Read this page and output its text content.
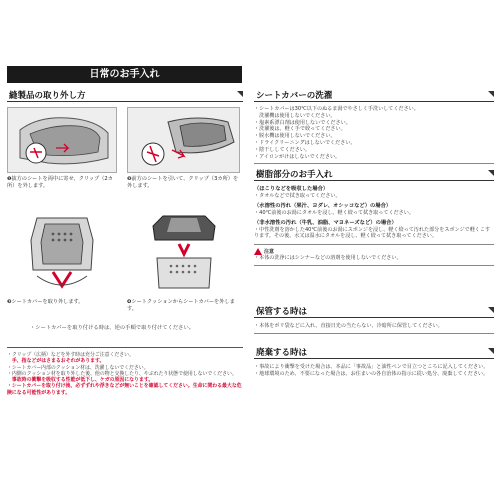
日常のお手入れ
縫製品の取り外し方
❶抜方のシートを両中に寄せ、クリップ（2カ所）を外します。
❷前方のシートを引いて、クリップ（3カ所）を外します。
❸シートカバーを取り外します。	❹シートクッションからシートカバーを外します。
・シートカバーを取り付ける時は、逆の手順で取り付けてください。
・クリップ（広柄）などを外す時は充分ご注意ください。
　手、指などがはさまるおそれがあります。
・シートカバー内部のクッション材は、洗濯しないでください。
・内側のクッション材を取り外した後、他の物と交換したり、やぶれたり状態で使用しないでください。
　事故時の衝撃を吸収する性能が低下し、ケガの原因になります。
・シートカバーを取り付け後、必ずずれや浮きなどが無いことを確認してください。生命に関わる最大な危険になる可能性があります。
シートカバーの洗濯
・シートカバーは30℃以下のぬるま湯でやさしく手洗いしてください。
　洗濯機は使用しないでください。
・塩素系漂白剤は使用しないでください。
・洗濯後は、軽く手で絞ってください。
・脱水機は使用しないでください。
・ドライクリーニングはしないでください。
・陰干ししてください。
・アイロンがけはしないでください。
樹脂部分のお手入れ
（ほこりなどを吸収した場合）
・タオルなどで拭き取ってください。
（水溶性の汚れ（果汁、ヨダレ、オシッコなど）の場合）
・40℃前後のお湯にタオルを浸し、軽く絞って拭き取ってください。
（非水溶性の汚れ（牛乳、油脂、マヨネーズなど）の場合）
・中性洗剤を溶かした40℃前後のお湯にスポンジを浸し、軽く絞って汚れた部分をスポンジで軽くこすります。その後、水又は温水にタオルを浸し、軽く絞って拭き取ってください。
注意
・本体の洗浄にはシンナーなどの溶剤を使用しないでください。
保管する時は
・本体をポリ袋などに入れ、直接日光の当たらない、冷暗所に保管してください。
廃棄する時は
・事故により衝撃を受けた場合は、本品に「事故品」と油性ペンで目立つところに記入してください。
・地球環境のため、不要になった場合は、お住まいの各自治体の指示に従い処分、廃棄してください。
